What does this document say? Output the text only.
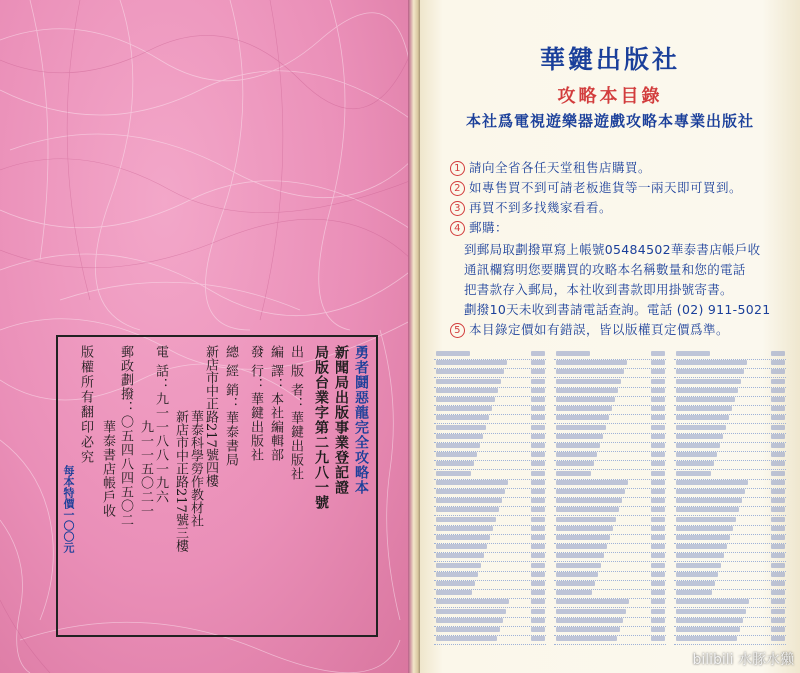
勇者鬪惡龍完全攻略本
新聞局出版事業登記證
局版台業字第二九八一號
出 版 者：華鍵出版社
編 譯：本社編輯部
發 行：華鍵出版社
總 經 銷：華泰書局
新店市中正路217號四樓
華泰科學勞作教材社
新店市中正路217號三樓
電 話：九一一八八一九六
九一一五〇二一
郵政劃撥：〇五四八四五〇二
華泰書店帳戶收
版權所有翻印必究
每本特價一〇〇元
華鍵出版社
攻略本目錄
本社爲電視遊樂器遊戲攻略本專業出版社
1 請向全省各任天堂租售店購買。
2 如專售買不到可請老板進貨等一兩天即可買到。
3 再買不到多找幾家看看。
4 郵購：
到郵局取劃撥單寫上帳號05484502華泰書店帳戶收
通訊欄寫明您要購買的攻略本名稱數量和您的電話
把書款存入郵局，本社收到書款即用掛號寄書。
劃撥10天未收到書請電話查詢。電話 (02) 911-5021
5 本目錄定價如有錯誤，皆以版權頁定價爲準。
bilibili 水豚水獭
